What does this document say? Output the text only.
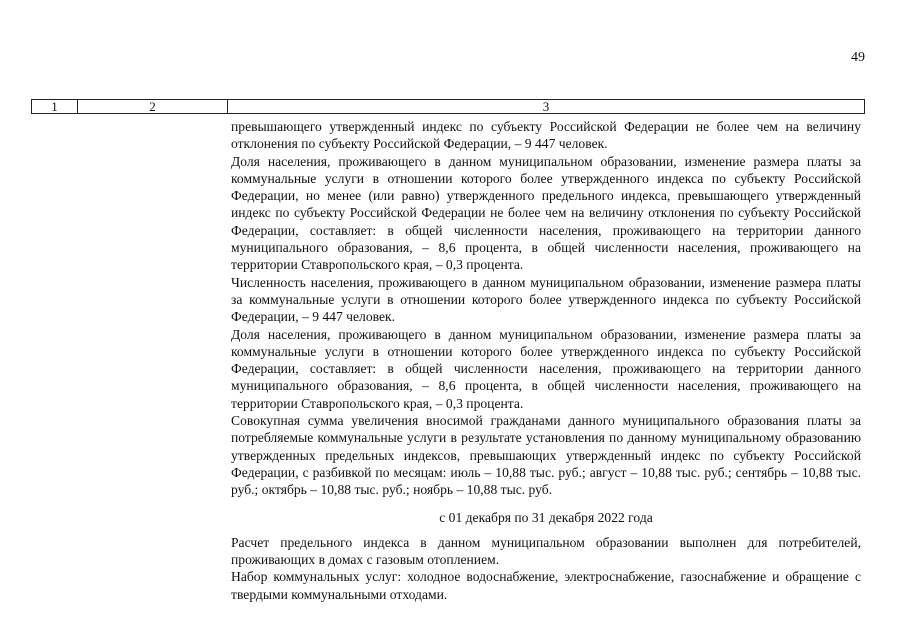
49
1	2	3

превышающего утвержденный индекс по субъекту Российской Федерации не более чем на величину отклонения по субъекту Российской Федерации, – 9 447 человек.

Доля населения, проживающего в данном муниципальном образовании, изменение размера платы за коммунальные услуги в отношении которого более утвержденного индекса по субъекту Российской Федерации, но менее (или равно) утвержденного предельного индекса, превышающего утвержденный индекс по субъекту Российской Федерации не более чем на величину отклонения по субъекту Российской Федерации, составляет: в общей численности населения, проживающего на территории данного муниципального образования, – 8,6 процента, в общей численности населения, проживающего на территории Ставропольского края, – 0,3 процента.

Численность населения, проживающего в данном муниципальном образовании, изменение размера платы за коммунальные услуги в отношении которого более утвержденного индекса по субъекту Российской Федерации, – 9 447 человек.

Доля населения, проживающего в данном муниципальном образовании, изменение размера платы за коммунальные услуги в отношении которого более утвержденного индекса по субъекту Российской Федерации, составляет: в общей численности населения, проживающего на территории данного муниципального образования, – 8,6 процента, в общей численности населения, проживающего на территории Ставропольского края, – 0,3 процента.

Совокупная сумма увеличения вносимой гражданами данного муниципального образования платы за потребляемые коммунальные услуги в результате установления по данному муниципальному образованию утвержденных предельных индексов, превышающих утвержденный индекс по субъекту Российской Федерации, с разбивкой по месяцам: июль – 10,88 тыс. руб.; август – 10,88 тыс. руб.; сентябрь – 10,88 тыс. руб.; октябрь – 10,88 тыс. руб.; ноябрь – 10,88 тыс. руб.

с 01 декабря по 31 декабря 2022 года

Расчет предельного индекса в данном муниципальном образовании выполнен для потребителей, проживающих в домах с газовым отоплением.

Набор коммунальных услуг: холодное водоснабжение, электроснабжение, газоснабжение и обращение с твердыми коммунальными отходами.
